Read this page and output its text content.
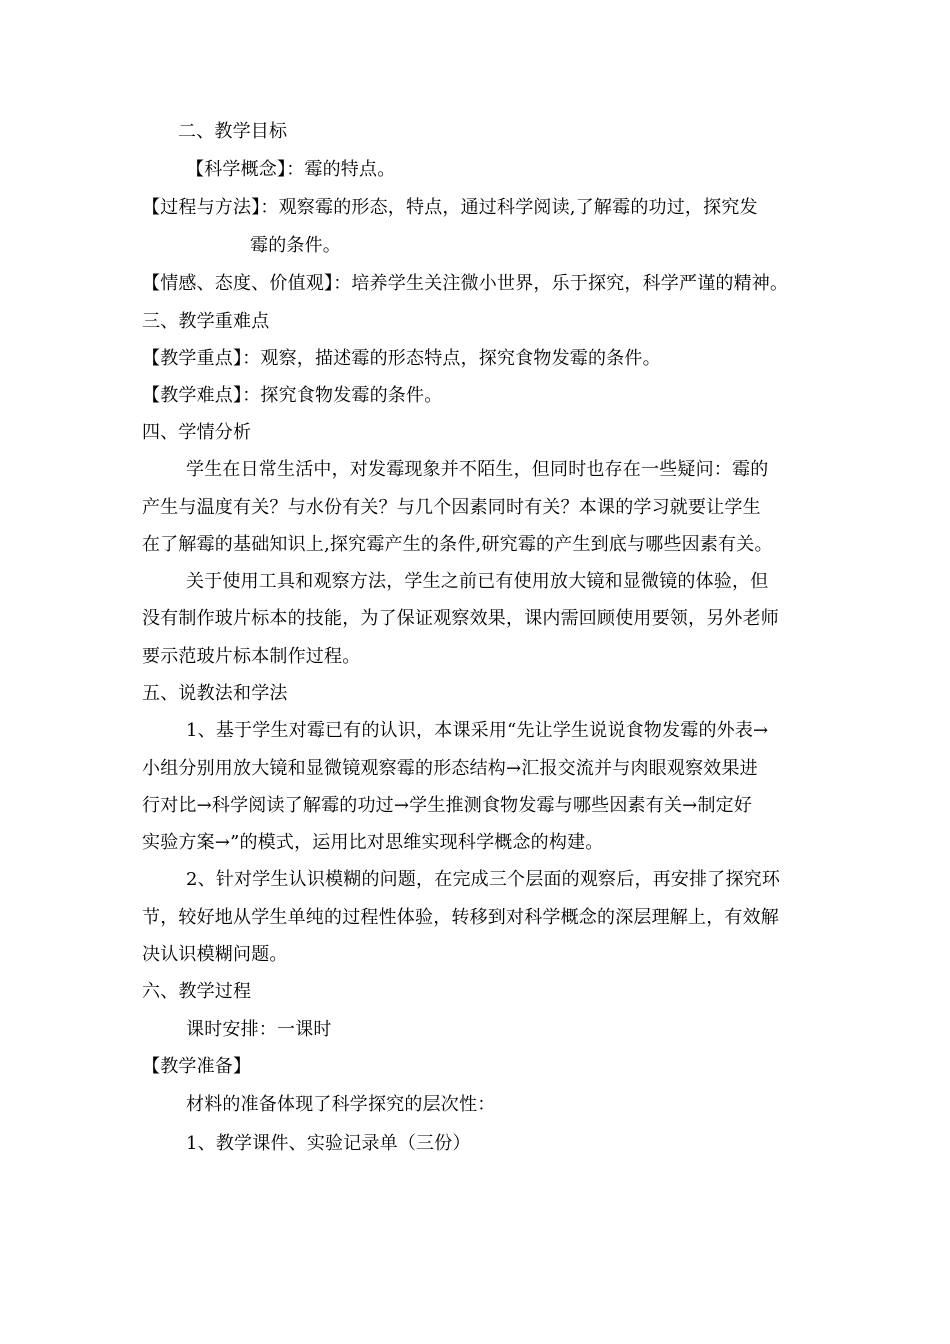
二、教学目标
【科学概念】：霉的特点。
【过程与方法】：观察霉的形态，特点，通过科学阅读,了解霉的功过，探究发
霉的条件。
【情感、态度、价值观】：培养学生关注微小世界，乐于探究，科学严谨的精神。
三、教学重难点
【教学重点】：观察，描述霉的形态特点，探究食物发霉的条件。
【教学难点】：探究食物发霉的条件。
四、学情分析
学生在日常生活中，对发霉现象并不陌生，但同时也存在一些疑问：霉的
产生与温度有关？与水份有关？与几个因素同时有关？本课的学习就要让学生
在了解霉的基础知识上,探究霉产生的条件,研究霉的产生到底与哪些因素有关。
关于使用工具和观察方法，学生之前已有使用放大镜和显微镜的体验，但
没有制作玻片标本的技能，为了保证观察效果，课内需回顾使用要领，另外老师
要示范玻片标本制作过程。
五、说教法和学法
1、基于学生对霉已有的认识，本课采用“先让学生说说食物发霉的外表→
小组分别用放大镜和显微镜观察霉的形态结构→汇报交流并与肉眼观察效果进
行对比→科学阅读了解霉的功过→学生推测食物发霉与哪些因素有关→制定好
实验方案→”的模式，运用比对思维实现科学概念的构建。
2、针对学生认识模糊的问题，在完成三个层面的观察后，再安排了探究环
节，较好地从学生单纯的过程性体验，转移到对科学概念的深层理解上，有效解
决认识模糊问题。
六、教学过程
课时安排：一课时
【教学准备】
材料的准备体现了科学探究的层次性：
1、教学课件、实验记录单（三份）
